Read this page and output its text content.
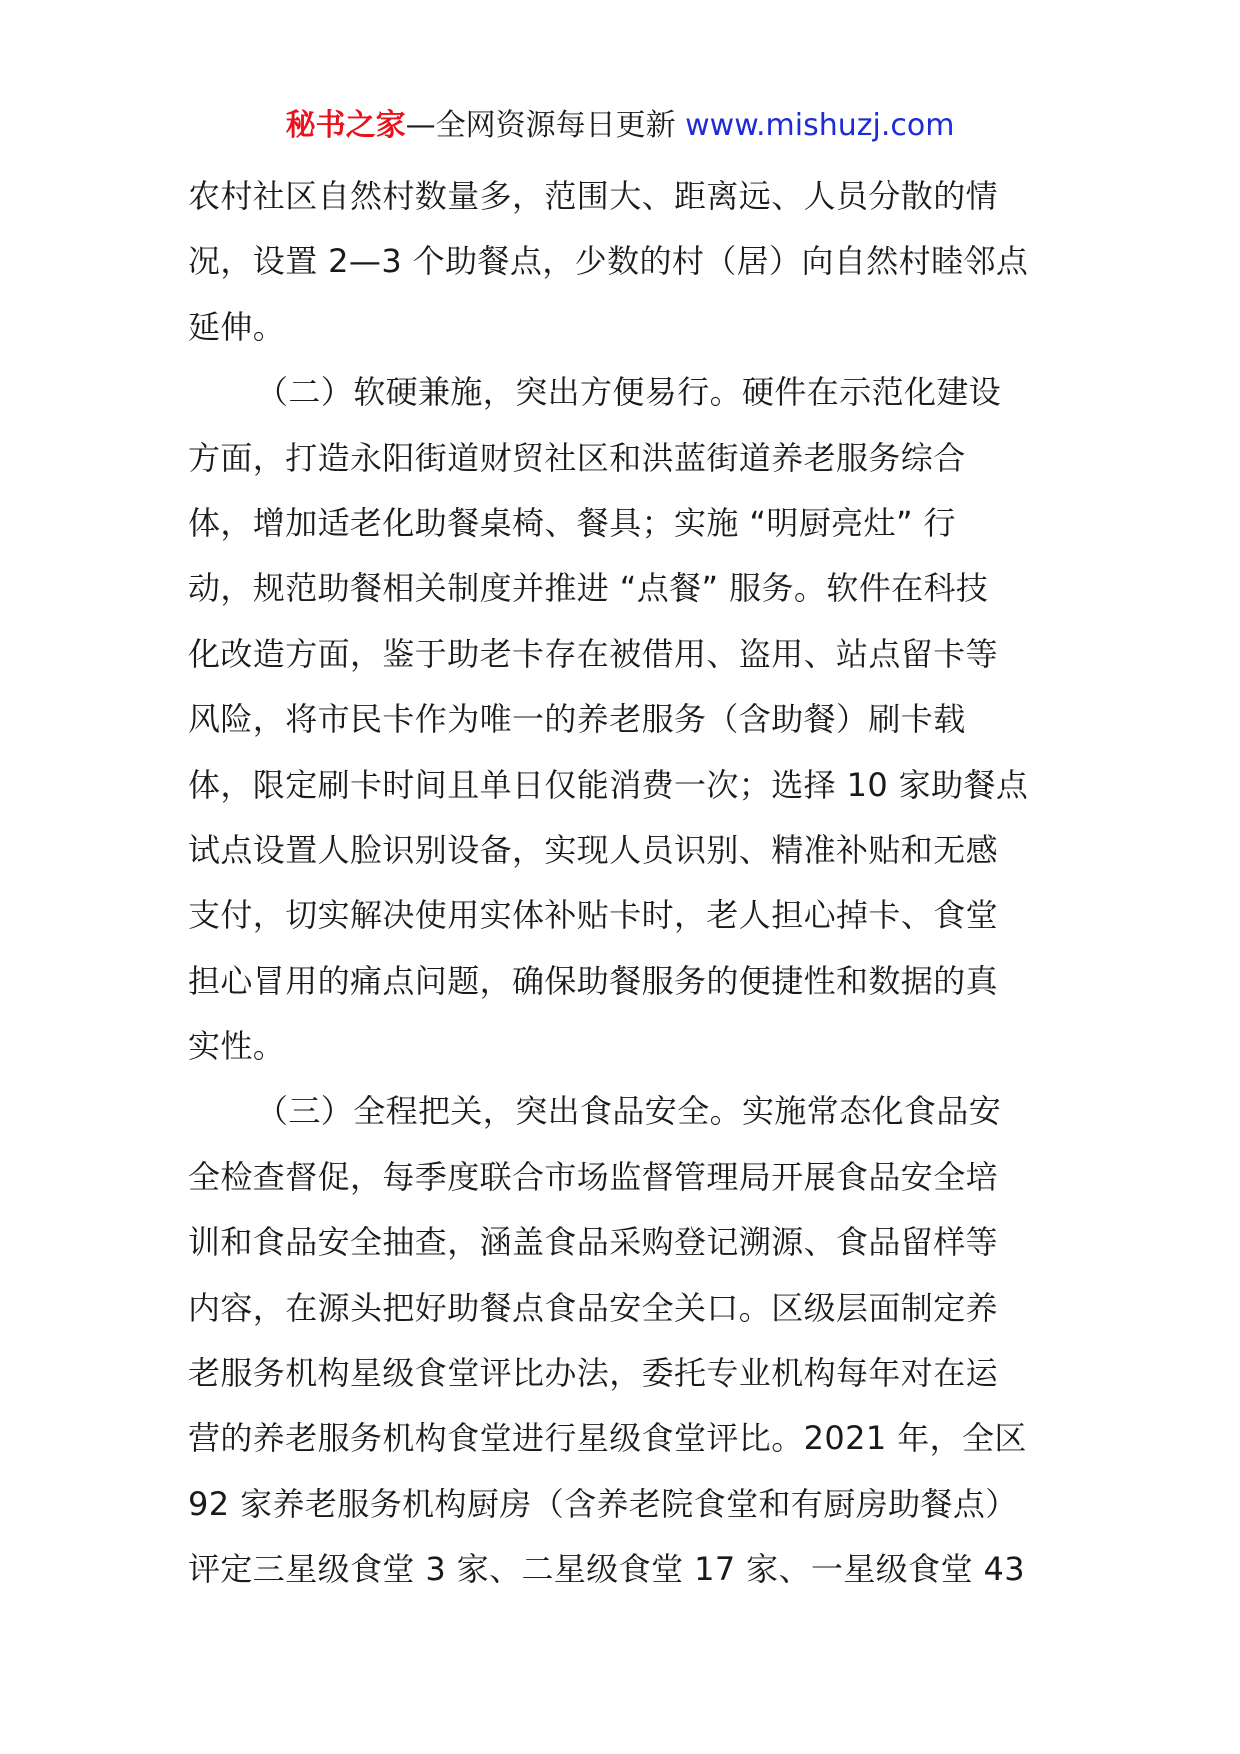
秘书之家—全网资源每日更新 www.mishuzj.com
农村社区自然村数量多，范围大、距离远、人员分散的情
况，设置 2—3 个助餐点，少数的村（居）向自然村睦邻点
延伸。
（二）软硬兼施，突出方便易行。硬件在示范化建设
方面，打造永阳街道财贸社区和洪蓝街道养老服务综合
体，增加适老化助餐桌椅、餐具；实施 “明厨亮灶” 行
动，规范助餐相关制度并推进 “点餐” 服务。软件在科技
化改造方面，鉴于助老卡存在被借用、盗用、站点留卡等
风险，将市民卡作为唯一的养老服务（含助餐）刷卡载
体，限定刷卡时间且单日仅能消费一次；选择 10 家助餐点
试点设置人脸识别设备，实现人员识别、精准补贴和无感
支付，切实解决使用实体补贴卡时，老人担心掉卡、食堂
担心冒用的痛点问题，确保助餐服务的便捷性和数据的真
实性。
（三）全程把关，突出食品安全。实施常态化食品安
全检查督促，每季度联合市场监督管理局开展食品安全培
训和食品安全抽查，涵盖食品采购登记溯源、食品留样等
内容，在源头把好助餐点食品安全关口。区级层面制定养
老服务机构星级食堂评比办法，委托专业机构每年对在运
营的养老服务机构食堂进行星级食堂评比。2021 年，全区
92 家养老服务机构厨房（含养老院食堂和有厨房助餐点）
评定三星级食堂 3 家、二星级食堂 17 家、一星级食堂 43
